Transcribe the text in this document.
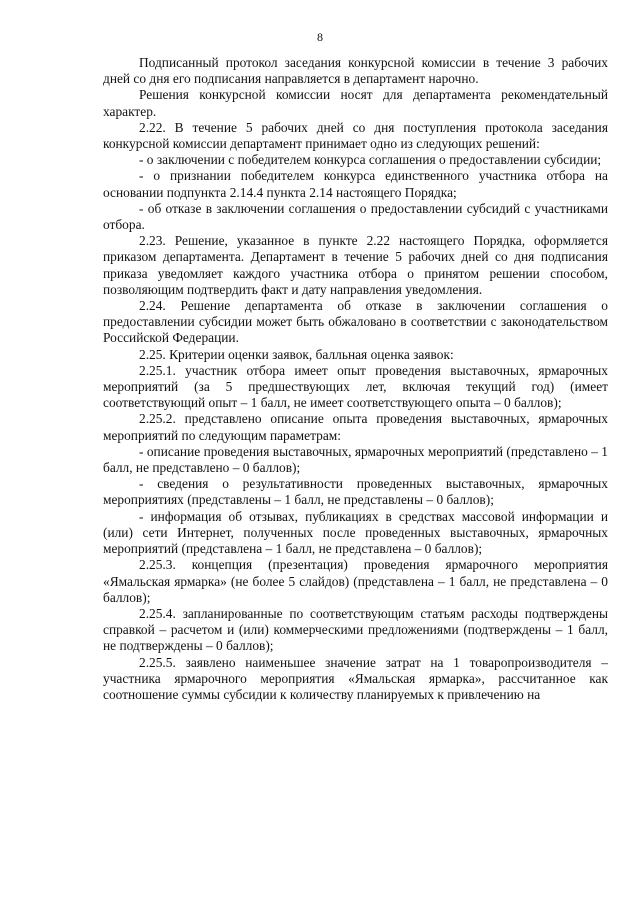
8

Подписанный протокол заседания конкурсной комиссии в течение 3 рабочих дней со дня его подписания направляется в департамент нарочно.

Решения конкурсной комиссии носят для департамента рекомендательный характер.

2.22. В течение 5 рабочих дней со дня поступления протокола заседания конкурсной комиссии департамент принимает одно из следующих решений:

- о заключении с победителем конкурса соглашения о предоставлении субсидии;

- о признании победителем конкурса единственного участника отбора на основании подпункта 2.14.4 пункта 2.14 настоящего Порядка;

- об отказе в заключении соглашения о предоставлении субсидий с участниками отбора.

2.23. Решение, указанное в пункте 2.22 настоящего Порядка, оформляется приказом департамента. Департамент в течение 5 рабочих дней со дня подписания приказа уведомляет каждого участника отбора о принятом решении способом, позволяющим подтвердить факт и дату направления уведомления.

2.24. Решение департамента об отказе в заключении соглашения о предоставлении субсидии может быть обжаловано в соответствии с законодательством Российской Федерации.

2.25. Критерии оценки заявок, балльная оценка заявок:

2.25.1. участник отбора имеет опыт проведения выставочных, ярмарочных мероприятий (за 5 предшествующих лет, включая текущий год) (имеет соответствующий опыт – 1 балл, не имеет соответствующего опыта – 0 баллов);

2.25.2. представлено описание опыта проведения выставочных, ярмарочных мероприятий по следующим параметрам:

- описание проведения выставочных, ярмарочных мероприятий (представлено – 1 балл, не представлено – 0 баллов);

- сведения о результативности проведенных выставочных, ярмарочных мероприятиях (представлены – 1 балл, не представлены – 0 баллов);

- информация об отзывах, публикациях в средствах массовой информации и (или) сети Интернет, полученных после проведенных выставочных, ярмарочных мероприятий (представлена – 1 балл, не представлена – 0 баллов);

2.25.3. концепция (презентация) проведения ярмарочного мероприятия «Ямальская ярмарка» (не более 5 слайдов) (представлена – 1 балл, не представлена – 0 баллов);

2.25.4. запланированные по соответствующим статьям расходы подтверждены справкой – расчетом и (или) коммерческими предложениями (подтверждены – 1 балл, не подтверждены – 0 баллов);

2.25.5. заявлено наименьшее значение затрат на 1 товаропроизводителя – участника ярмарочного мероприятия «Ямальская ярмарка», рассчитанное как соотношение суммы субсидии к количеству планируемых к привлечению на
